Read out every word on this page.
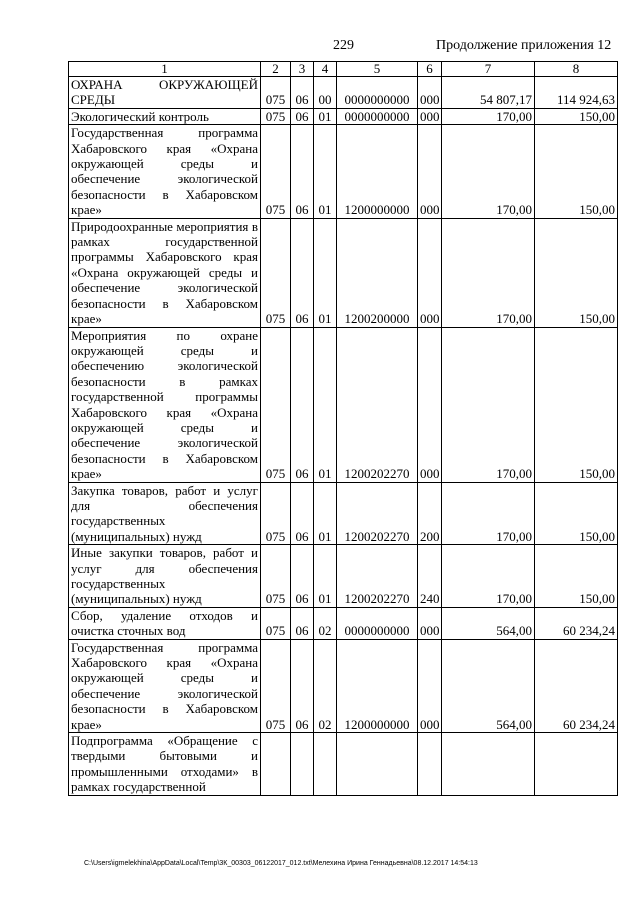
229	Продолжение приложения 12
1	2	3	4	5	6	7	8
ОХРАНА ОКРУЖАЮЩЕЙ СРЕДЫ	075	06	00	0000000000	000	54 807,17	114 924,63
Экологический контроль	075	06	01	0000000000	000	170,00	150,00
Государственная программа Хабаровского края «Охрана окружающей среды и обеспечение экологической безопасности в Хабаровском крае»	075	06	01	1200000000	000	170,00	150,00
Природоохранные мероприятия в рамках государственной программы Хабаровского края «Охрана окружающей среды и обеспечение экологической безопасности в Хабаровском крае»	075	06	01	1200200000	000	170,00	150,00
Мероприятия по охране окружающей среды и обеспечению экологической безопасности в рамках государственной программы Хабаровского края «Охрана окружающей среды и обеспечение экологической безопасности в Хабаровском крае»	075	06	01	1200202270	000	170,00	150,00
Закупка товаров, работ и услуг для обеспечения государственных (муниципальных) нужд	075	06	01	1200202270	200	170,00	150,00
Иные закупки товаров, работ и услуг для обеспечения государственных (муниципальных) нужд	075	06	01	1200202270	240	170,00	150,00
Сбор, удаление отходов и очистка сточных вод	075	06	02	0000000000	000	564,00	60 234,24
Государственная программа Хабаровского края «Охрана окружающей среды и обеспечение экологической безопасности в Хабаровском крае»	075	06	02	1200000000	000	564,00	60 234,24
Подпрограмма «Обращение с твердыми бытовыми и промышленными отходами» в рамках государственной							
C:\Users\igmelekhina\AppData\Local\Temp\3К_00303_06122017_012.txt\Мелехина Ирина Геннадьевна\08.12.2017 14:54:13
